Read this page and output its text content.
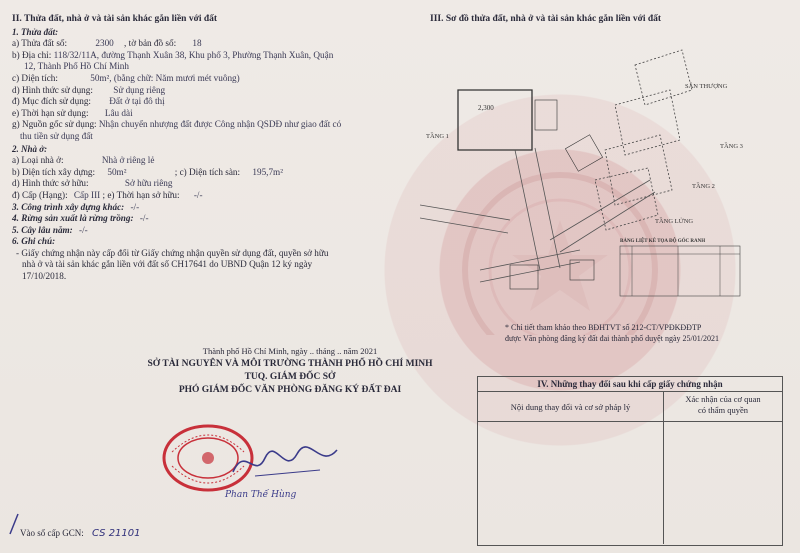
II. Thửa đất, nhà ở và tài sản khác gắn liền với đất
1. Thửa đất:
a) Thửa đất số:	2300 , tờ bản đồ số: 18
b) Địa chỉ: 118/32/11A, đường Thạnh Xuân 38, Khu phố 3, Phường Thạnh Xuân, Quận
12, Thành Phố Hồ Chí Minh
c) Diện tích:	50m², (bằng chữ: Năm mươi mét vuông)
d) Hình thức sử dụng: Sử dụng riêng
đ) Mục đích sử dụng: Đất ở tại đô thị
e) Thời hạn sử dụng: Lâu dài
g) Nguồn gốc sử dụng: Nhận chuyển nhượng đất được Công nhận QSDĐ như giao đất có
thu tiền sử dụng đất
2. Nhà ở:
a) Loại nhà ở:	Nhà ở riêng lẻ
b) Diện tích xây dựng: 50m²	; c) Diện tích sàn: 195,7m²
d) Hình thức sở hữu:	Sở hữu riêng
đ) Cấp (Hạng): Cấp III ; e) Thời hạn sở hữu: -/-
3. Công trình xây dựng khác: -/-
4. Rừng sản xuất là rừng trồng: -/-
5. Cây lâu năm: -/-
6. Ghi chú:
- Giấy chứng nhận này cấp đổi từ Giấy chứng nhận quyền sử dụng đất, quyền sở hữu
nhà ở và tài sản khác gắn liền với đất số CH17641 do UBND Quận 12 ký ngày
17/10/2018.
III. Sơ đồ thửa đất, nhà ở và tài sản khác gắn liền với đất
2,300
SÂN THƯỢNG
TẦNG 3
TẦNG 2
TẦNG LỬNG
TẦNG 1
BẢNG LIỆT KÊ TỌA ĐỘ GÓC RANH
* Chỉ tiết tham khảo theo BĐHTVT số 212-CT/VPĐKĐĐTP
được Văn phòng đăng ký đất đai thành phố duyệt ngày 25/01/2021
Thành phố Hồ Chí Minh, ngày .. tháng .. năm 2021
SỞ TÀI NGUYÊN VÀ MÔI TRƯỜNG THÀNH PHỐ HỒ CHÍ MINH
TUQ. GIÁM ĐỐC SỞ
PHÓ GIÁM ĐỐC VĂN PHÒNG ĐĂNG KÝ ĐẤT ĐAI
Phan Thế Hùng
IV. Những thay đổi sau khi cấp giấy chứng nhận
Nội dung thay đổi và cơ sở pháp lý
Xác nhận của cơ quan
có thẩm quyền
Vào sổ cấp GCN: CS 21101
